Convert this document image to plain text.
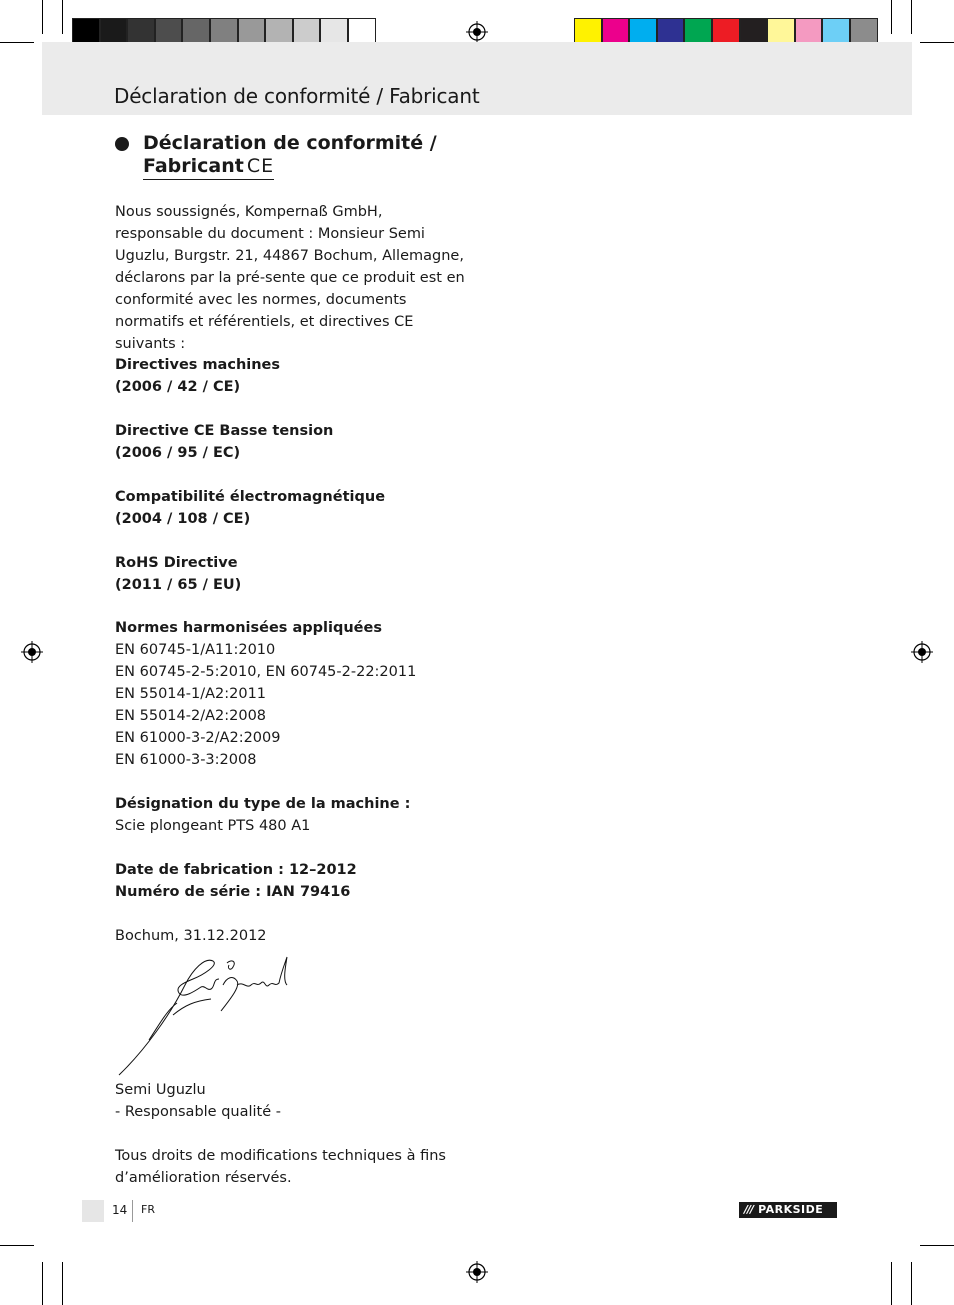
Déclaration de conformité / Fabricant
Déclaration de conformité /
Fabricant CE

Nous soussignés, Kompernaß GmbH, responsable du document : Monsieur Semi Uguzlu, Burgstr. 21, 44867 Bochum, Allemagne, déclarons par la pré-sente que ce produit est en conformité avec les normes, documents normatifs et référentiels, et directives CE suivants :

Directives machines

(2006 / 42 / CE)

Directive CE Basse tension

(2006 / 95 / EC)

Compatibilité électromagnétique

(2004 / 108 / CE)

RoHS Directive

(2011 / 65 / EU)

Normes harmonisées appliquées

EN 60745-1/A11:2010

EN 60745-2-5:2010, EN 60745-2-22:2011

EN 55014-1/A2:2011

EN 55014-2/A2:2008

EN 61000-3-2/A2:2009

EN 61000-3-3:2008

Désignation du type de la machine :

Scie plongeant PTS 480 A1

Date de fabrication : 12–2012

Numéro de série : IAN 79416

Bochum, 31.12.2012

Semi Uguzlu

- Responsable qualité -

Tous droits de modifications techniques à fins

d’amélioration réservés.

14 FR	/// PARKSIDE
